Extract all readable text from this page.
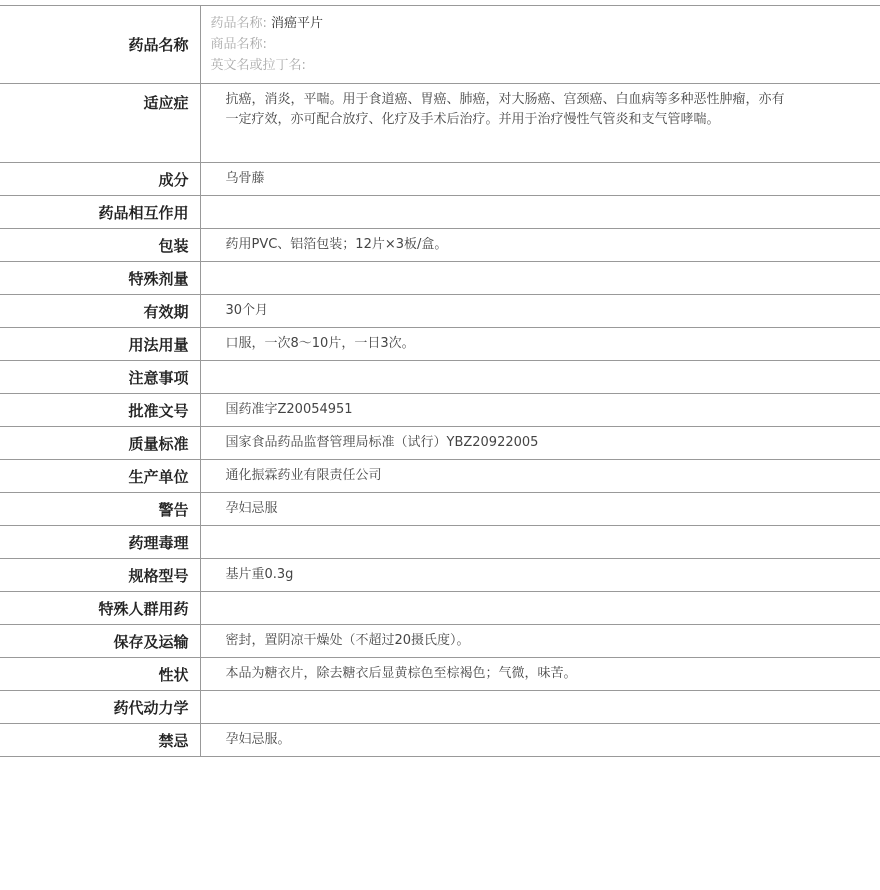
药品名称	药品名称: 消癌平片
商品名称:
英文名或拉丁名:

适应症	抗癌，消炎，平喘。用于食道癌、胃癌、肺癌，对大肠癌、宫颈癌、白血病等多种恶性肿瘤，亦有一定疗效，亦可配合放疗、化疗及手术后治疗。并用于治疗慢性气管炎和支气管哮喘。
成分	乌骨藤
药品相互作用	
包装	药用PVC、铝箔包装；12片×3板/盒。
特殊剂量	
有效期	30个月
用法用量	口服，一次8～10片，一日3次。
注意事项	
批准文号	国药准字Z20054951
质量标准	国家食品药品监督管理局标准（试行）YBZ20922005
生产单位	通化振霖药业有限责任公司
警告	孕妇忌服
药理毒理	
规格型号	基片重0.3g
特殊人群用药	
保存及运输	密封，置阴凉干燥处（不超过20摄氏度）。
性状	本品为糖衣片，除去糖衣后显黄棕色至棕褐色；气微，味苦。
药代动力学	
禁忌	孕妇忌服。
